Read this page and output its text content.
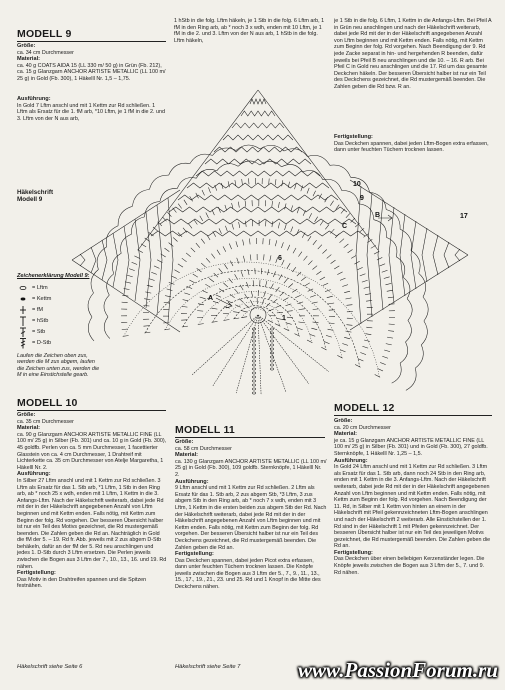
MODELL 9
Größe:
ca. 34 cm Durchmesser
Material:
ca. 40 g COATS AIDA 15 (LL 330 m/ 50 g) in Grün (Fb. 212), ca. 15 g Glanzgarn ANCHOR ARTISTE METALLIC (LL 100 m/ 25 g) in Gold (Fb. 300), 1 Häkelll Nr. 1,5 – 1,75.
Ausführung:
In Gold 7 Lftm anschl und mit 1 Kettm zur Rd schließen. 1 Lftm als Ersatz für die 1. fM arb, *10 Lftm, je 1 fM in die 2. und 3. Lftm von der N aus arb,
1 hStb in die folg. Lftm häkeln, je 1 Stb in die folg. 6 Lftm arb, 1 fM in den Ring arb, ab * noch 3 x wdh, enden mit 10 Lftm, je 1 fM in die 2. und 3. Lftm von der N aus arb, 1 hStb in die folg. Lftm häkeln,
je 1 Stb in die folg. 6 Lftm, 1 Kettm in die Anfangs-Lftm. Bei Pfeil A in Grün neu anschlingen und nach der Häkelschrift weiterarb, dabei jede Rd mit der in der Häkelschrift angegebenen Anzahl von Lftm beginnen und mit Kettm enden. Falls nötig, mit Kettm zum Beginn der folg. Rd vorgehen. Nach Beendigung der 9. Rd jede Zacke separat in hin- und hergehenden R beenden, dafür jeweils bei Pfeil B neu anschlingen und die 10. – 16. R arb. Bei Pfeil C in Gold neu anschlingen und die 17. Rd um das gesamte Deckchen häkeln. Der besseren Übersicht halber ist nur ein Teil des Deckchens gezeichnet, die Rd mustergemäß beenden. Die Zahlen geben die Rd bzw. R an.
Fertigstellung:
Das Deckchen spannen, dabei jeden Lftm-Bogen extra erfassen, dann unter feuchten Tüchern trocknen lassen.
10
9
6
17
1
A
B
C
Häkelschrift
Modell 9
Zeichenerklärung Modell 9:
= Lftm
= Kettm
= fM
= hStb
= Stb
= D-Stb
Laufen die Zeichen oben zus, werden die M zus abgem, laufen die Zeichen unten zus, werden die M in eine Einstichstelle gearb.
MODELL 10
Größe:
ca. 35 cm Durchmesser
Material:
ca. 90 g Glanzgarn ANCHOR ARTISTE METALLIC FINE (LL 100 m/ 25 g) in Silber (Fb. 301) und ca. 10 g in Gold (Fb. 300), 45 goldfb. Perlen von ca. 5 mm Durchmesser, 1 facettierter Glasstein von ca. 4 cm Durchmesser, 1 Drahtreif mit Lichterkette ca. 35 cm Durchmesser von Atelje Margaretha, 1 Häkelll Nr. 2.
Ausführung:
In Silber 27 Lftm anschl und mit 1 Kettm zur Rd schließen. 3 Lftm als Ersatz für das 1. Stb arb, *1 Lftm, 1 Stb in den Ring arb, ab * noch 25 x wdh, enden mit 1 Lftm, 1 Kettm in die 3. Anfangs-Lftm. Nach der Häkelschrift weiterarb, dabei jede Rd mit der in der Häkelschrift angegebenen Anzahl von Lftm beginnen und mit Kettm enden. Falls nötig, mit Kettm zum Beginn der folg. Rd vorgehen. Der besseren Übersicht halber ist nur ein Teil des Motivs gezeichnet, die Rd mustergemäß beenden. Die Zahlen geben die Rd an. Nachträglich in Gold die fM der 5. – 19. Rd fr. Abb. jeweils mit 2 zus abgem D-Stb behäkeln, dafür an der fM der 5. Rd neu anschlingen und jedes 1. D-Stb durch 3 Lftm ersetzen. Die Perlen jeweils zwischen die Bogen aus 3 Lftm der 7., 10., 13., 16. und 19. Rd nähen.
Fertigstellung:
Das Motiv in den Drahtreifen spannen und die Spitzen festnähen.
Häkelschrift siehe Seite 6
MODELL 11
Größe:
ca. 58 cm Durchmesser
Material:
ca. 130 g Glanzgarn ANCHOR ARTISTE METALLIC (LL 100 m/ 25 g) in Gold (Fb. 300), 109 goldfb. Sternknöpfe, 1 Häkelll Nr. 2.
Ausführung:
9 Lftm anschl und mit 1 Kettm zur Rd schließen. 2 Lftm als Ersatz für das 1. Stb arb, 2 zus abgem Stb, *3 Lftm, 3 zus abgem Stb in den Ring arb, ab * noch 7 x wdh, enden mit 3 Lftm, 1 Kettm in die ersten beiden zus abgem Stb der Rd. Nach der Häkelschrift weiterarb, dabei jede Rd mit der in der Häkelschrift angegebenen Anzahl von Lftm beginnen und mit Kettm enden. Falls nötig, mit Kettm zum Beginn der folg. Rd vorgehen. Der besseren Übersicht halber ist nur ein Teil des Deckchens gezeichnet, die Rd mustergemäß beenden. Die Zahlen geben die Rd an.
Fertigstellung:
Das Deckchen spannen, dabei jeden Picot extra erfassen, dann unter feuchten Tüchern trocknen lassen. Die Knöpfe jeweils zwischen die Bogen aus 3 Lftm der 5., 7., 9., 11., 13., 15., 17., 19., 21., 23. und 25. Rd und 1 Knopf in die Mitte des Deckchens nähen.
Häkelschrift siehe Seite 7
MODELL 12
Größe:
ca. 20 cm Durchmesser
Material:
je ca. 15 g Glanzgarn ANCHOR ARTISTE METALLIC FINE (LL 100 m/ 25 g) in Silber (Fb. 301) und in Gold (Fb. 300), 27 goldfb. Sternknöpfe, 1 Häkelll Nr. 1,25 – 1,5.
Ausführung:
In Gold 24 Lftm anschl und mit 1 Kettm zur Rd schließen. 3 Lftm als Ersatz für das 1. Stb arb, dann noch 24 Stb in den Ring arb, enden mit 1 Kettm in die 3. Anfangs-Lftm. Nach der Häkelschrift weiterarb, dabei jede Rd mit der in der Häkelschrift angegebenen Anzahl von Lftm beginnen und mit Kettm enden. Falls nötig, mit Kettm zum Beginn der folg. Rd vorgehen. Nach Beendigung der 11. Rd, in Silber mit 1 Kettm von hinten an einem in der Häkelschrift mit Pfeil gekennzeichneten Lftm-Bogen anschlingen und nach der Häkelschrift 2 weiterarb. Alle Einstichstellen der 1. Rd sind in der Häkelschrift 1 mit Pfeilen gekennzeichnet. Der besseren Übersicht halber ist nur ein Teil des jeweiligen Motivs gezeichnet, die Rd mustergemäß beenden. Die Zahlen geben die Rd an.
Fertigstellung:
Das Deckchen über einen beliebigen Kerzenständer legen. Die Knöpfe jeweils zwischen die Bogen aus 3 Lftm der 5., 7. und 9. Rd nähen.
www.PassionForum.ru
